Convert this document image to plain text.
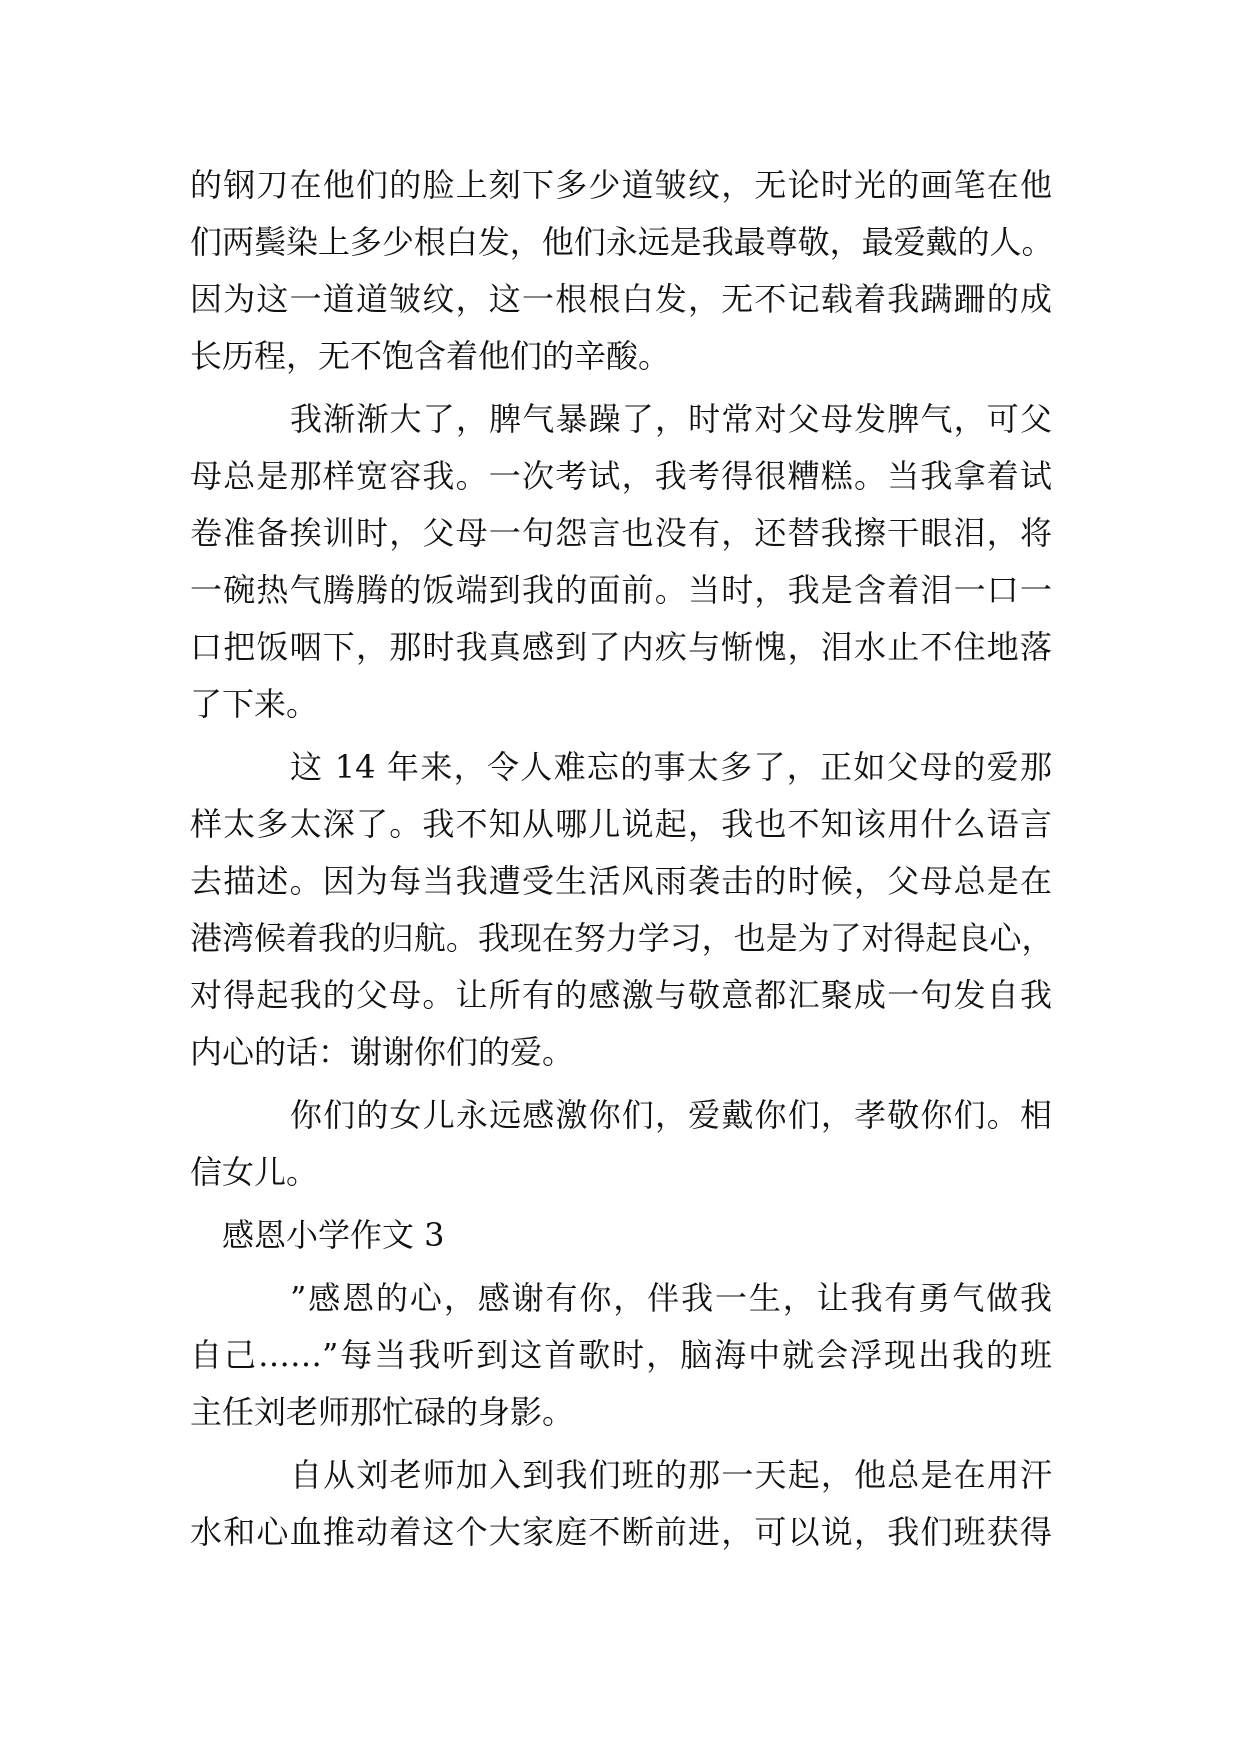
的钢刀在他们的脸上刻下多少道皱纹，无论时光的画笔在他
们两鬓染上多少根白发，他们永远是我最尊敬，最爱戴的人。
因为这一道道皱纹，这一根根白发，无不记载着我蹒跚的成
长历程，无不饱含着他们的辛酸。
我渐渐大了，脾气暴躁了，时常对父母发脾气，可父
母总是那样宽容我。一次考试，我考得很糟糕。当我拿着试
卷准备挨训时，父母一句怨言也没有，还替我擦干眼泪，将
一碗热气腾腾的饭端到我的面前。当时，我是含着泪一口一
口把饭咽下，那时我真感到了内疚与惭愧，泪水止不住地落
了下来。
这 14 年来，令人难忘的事太多了，正如父母的爱那
样太多太深了。我不知从哪儿说起，我也不知该用什么语言
去描述。因为每当我遭受生活风雨袭击的时候，父母总是在
港湾候着我的归航。我现在努力学习，也是为了对得起良心，
对得起我的父母。让所有的感激与敬意都汇聚成一句发自我
内心的话：谢谢你们的爱。
你们的女儿永远感激你们，爱戴你们，孝敬你们。相
信女儿。
感恩小学作文 3
”感恩的心，感谢有你，伴我一生，让我有勇气做我
自己……”每当我听到这首歌时，脑海中就会浮现出我的班
主任刘老师那忙碌的身影。
自从刘老师加入到我们班的那一天起，他总是在用汗
水和心血推动着这个大家庭不断前进，可以说，我们班获得
